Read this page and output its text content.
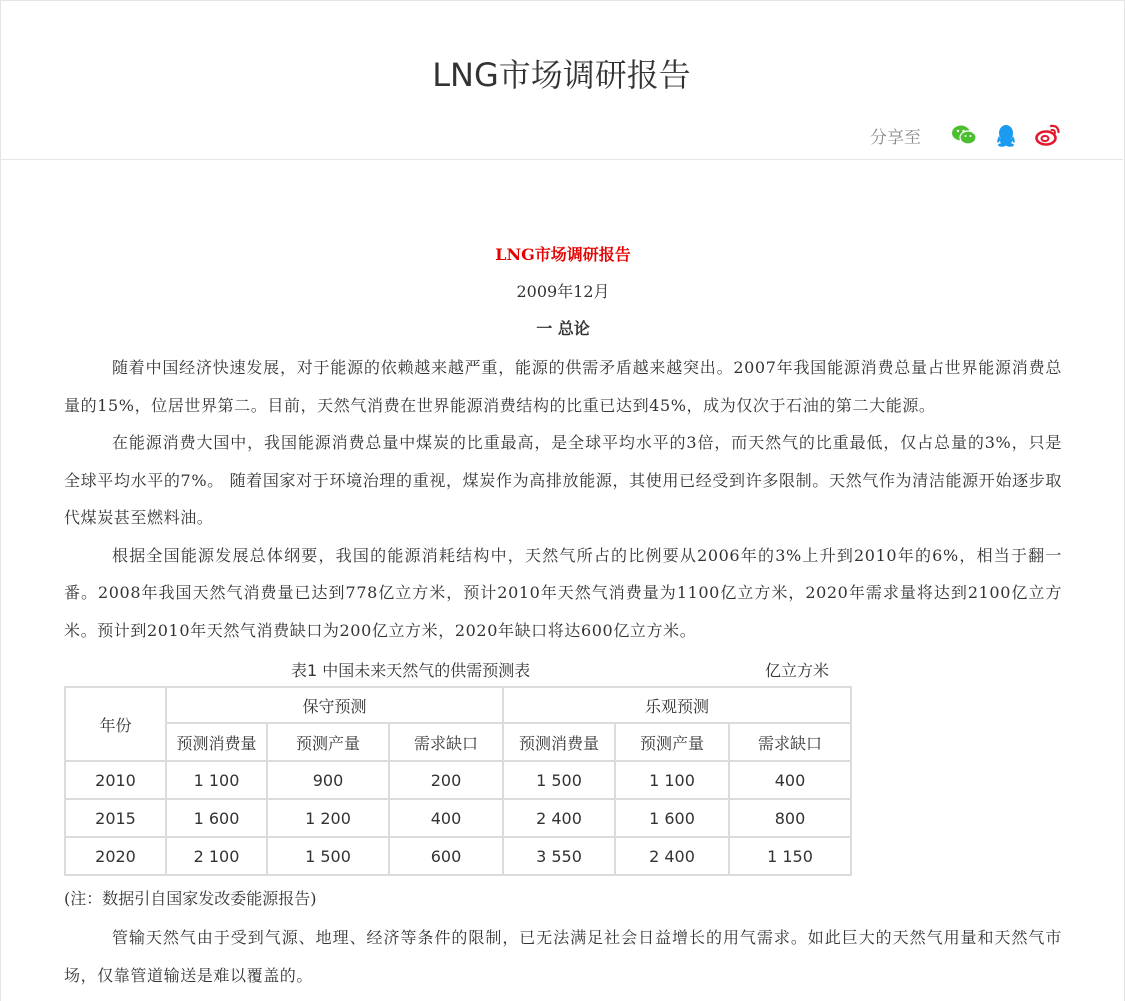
LNG市场调研报告
分享至
LNG市场调研报告
2009年12月
一 总论

随着中国经济快速发展，对于能源的依赖越来越严重，能源的供需矛盾越来越突出。2007年我国能源消费总量占世界能源消费总量的15%，位居世界第二。目前，天然气消费在世界能源消费结构的比重已达到45%，成为仅次于石油的第二大能源。

在能源消费大国中，我国能源消费总量中煤炭的比重最高，是全球平均水平的3倍，而天然气的比重最低，仅占总量的3%，只是全球平均水平的7%。 随着国家对于环境治理的重视，煤炭作为高排放能源，其使用已经受到许多限制。天然气作为清洁能源开始逐步取代煤炭甚至燃料油。

根据全国能源发展总体纲要，我国的能源消耗结构中，天然气所占的比例要从2006年的3%上升到2010年的6%，相当于翻一番。2008年我国天然气消费量已达到778亿立方米，预计2010年天然气消费量为1100亿立方米，2020年需求量将达到2100亿立方米。预计到2010年天然气消费缺口为200亿立方米，2020年缺口将达600亿立方米。

表1 中国未来天然气的供需预测表	亿立方米
年份	保守预测			乐观预测		
	预测消费量	预测产量	需求缺口	预测消费量	预测产量	需求缺口
2010	1 100	900	200	1 500	1 100	400
2015	1 600	1 200	400	2 400	1 600	800
2020	2 100	1 500	600	3 550	2 400	1 150
(注：数据引自国家发改委能源报告)

管输天然气由于受到气源、地理、经济等条件的限制，已无法满足社会日益增长的用气需求。如此巨大的天然气用量和天然气市场，仅靠管道输送是难以覆盖的。
